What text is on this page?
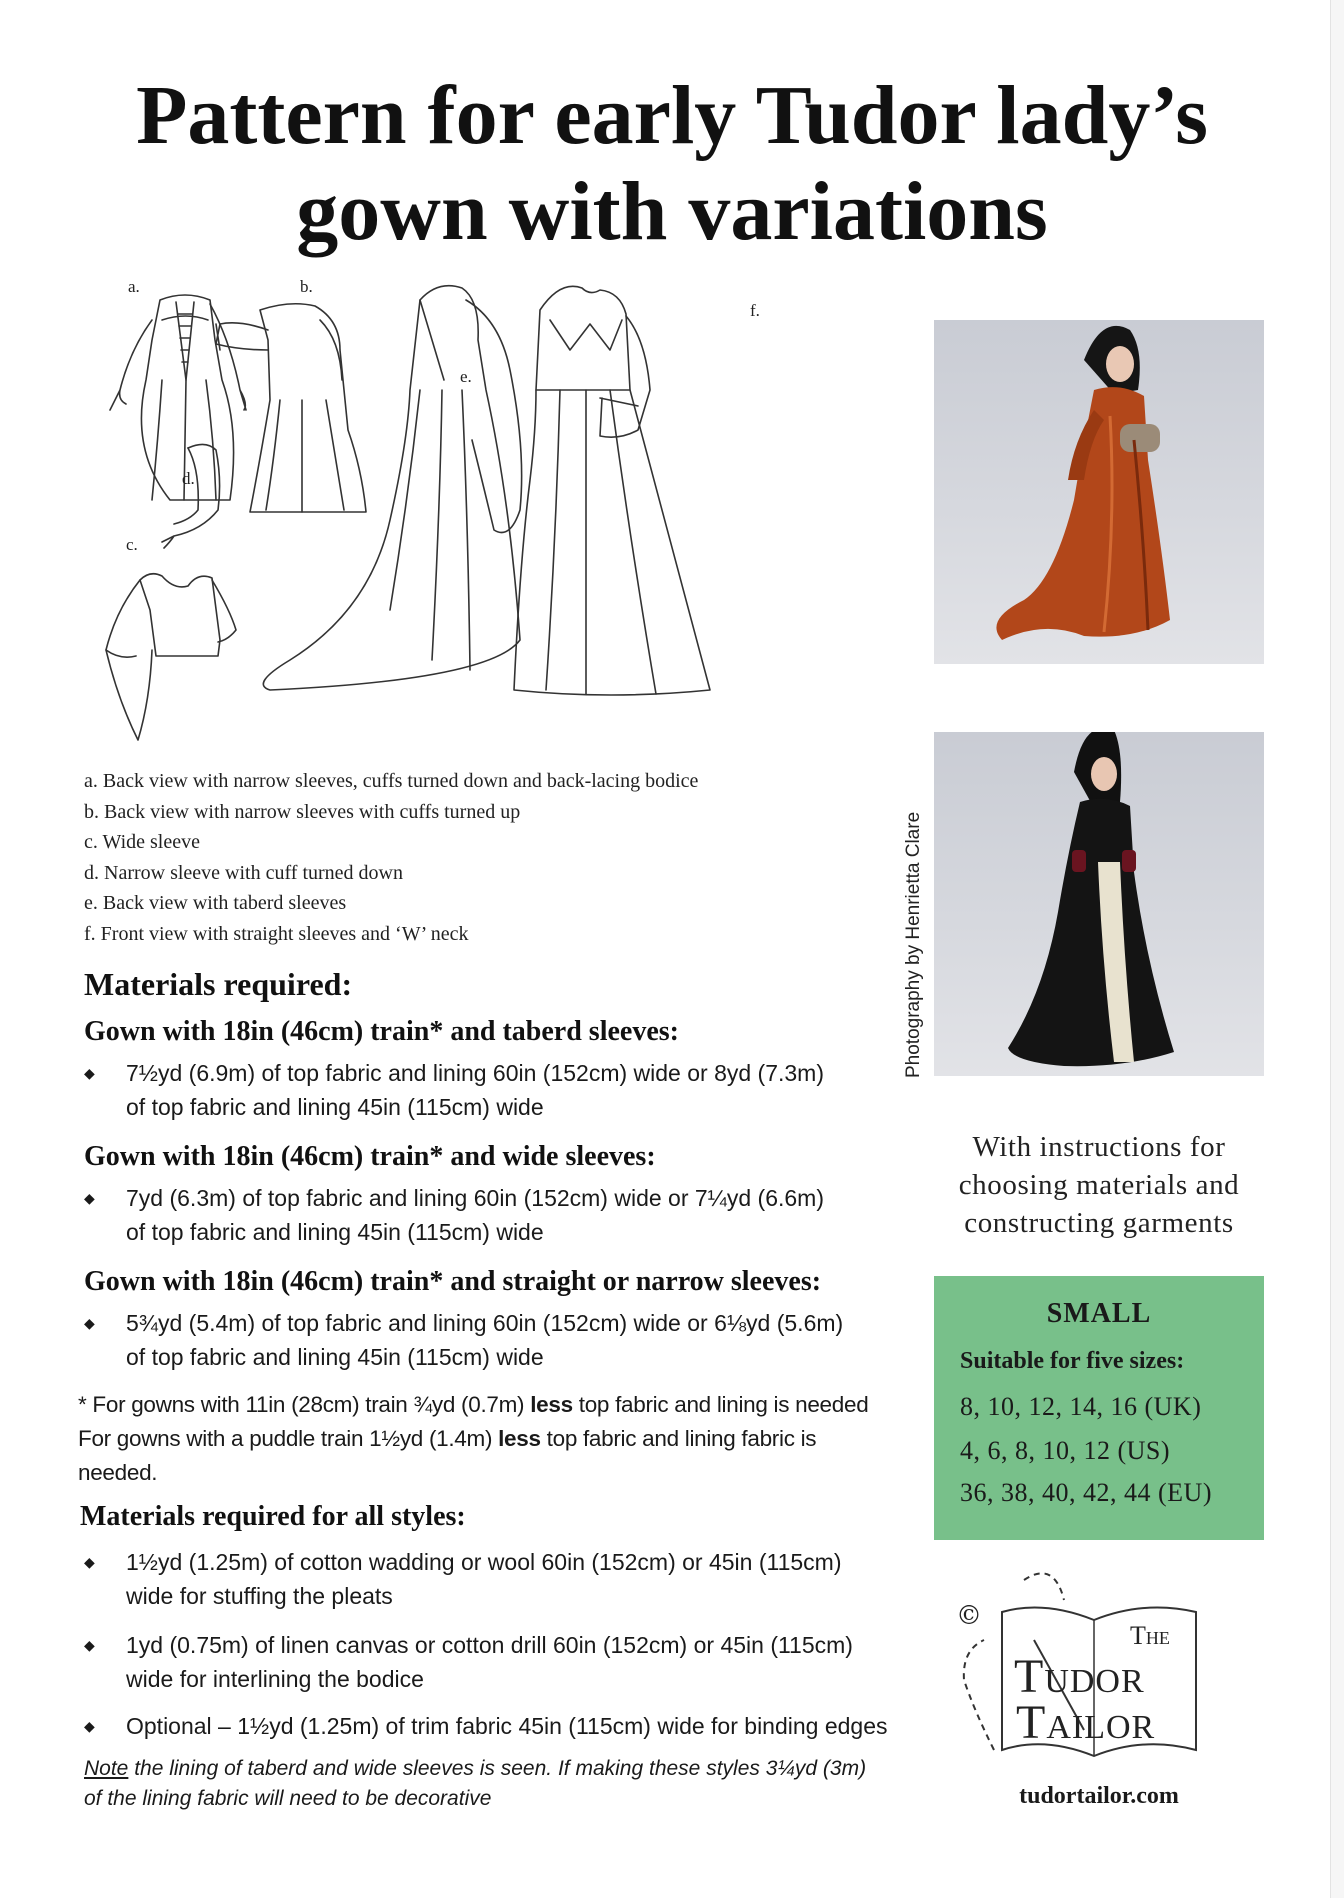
Pattern for early Tudor lady’s
gown with variations
a.	b.
c.
d.
e.
f.
a. Back view with narrow sleeves, cuffs turned down and back-lacing bodice
b. Back view with narrow sleeves with cuffs turned up
c. Wide sleeve
d. Narrow sleeve with cuff turned down
e. Back view with taberd sleeves
f. Front view with straight sleeves and ‘W’ neck
Materials required:
Gown with 18in (46cm) train* and taberd sleeves:
◆ 7½yd (6.9m) of top fabric and lining 60in (152cm) wide or 8yd (7.3m)
of top fabric and lining 45in (115cm) wide
Gown with 18in (46cm) train* and wide sleeves:
◆ 7yd (6.3m) of top fabric and lining 60in (152cm) wide or 7¼yd (6.6m)
of top fabric and lining 45in (115cm) wide
Gown with 18in (46cm) train* and straight or narrow sleeves:
◆ 5¾yd (5.4m) of top fabric and lining 60in (152cm) wide or 6⅛yd (5.6m)
of top fabric and lining 45in (115cm) wide
* For gowns with 11in (28cm) train ¾yd (0.7m) less top fabric and lining is needed
For gowns with a puddle train 1½yd (1.4m) less top fabric and lining fabric is
needed.
Materials required for all styles:
◆ 1½yd (1.25m) of cotton wadding or wool 60in (152cm) or 45in (115cm)
wide for stuffing the pleats
◆ 1yd (0.75m) of linen canvas or cotton drill 60in (152cm) or 45in (115cm)
wide for interlining the bodice
◆ Optional – 1½yd (1.25m) of trim fabric 45in (115cm) wide for binding edges
Note the lining of taberd and wide sleeves is seen. If making these styles 3¼yd (3m)
of the lining fabric will need to be decorative
Photography by Henrietta Clare
With instructions for
choosing materials and
constructing garments
SMALL
Suitable for five sizes:
8, 10, 12, 14, 16 (UK)
4, 6, 8, 10, 12 (US)
36, 38, 40, 42, 44 (EU)
©
The
Tudor
Tailor
tudortailor.com
